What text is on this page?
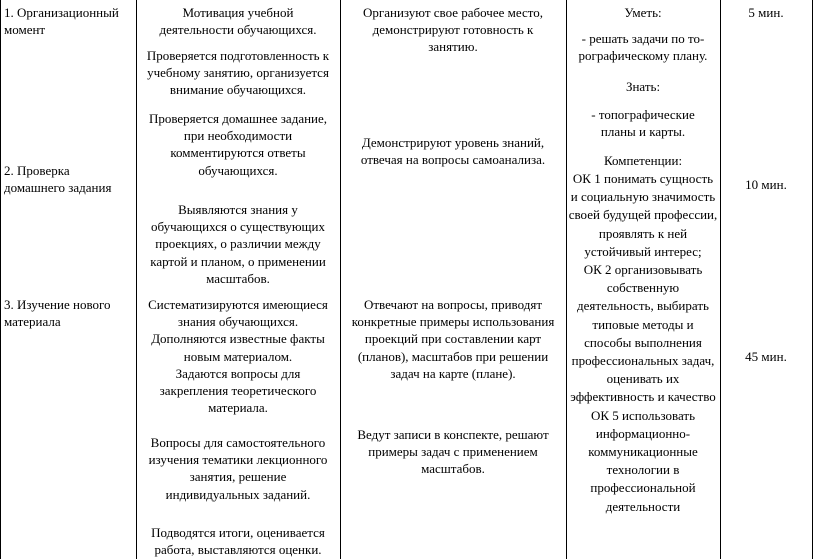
1. Организационный
момент
2. Проверка
домашнего задания
3. Изучение нового
материала
Мотивация учебной
деятельности обучающихся.
Проверяется подготовленность к
учебному занятию, организуется
внимание обучающихся.
Проверяется домашнее задание,
при необходимости
комментируются ответы
обучающихся.
Выявляются знания у
обучающихся о существующих
проекциях, о различии между
картой и планом, о применении
масштабов.
Систематизируются имеющиеся
знания обучающихся.
Дополняются известные факты
новым материалом.
Задаются вопросы для
закрепления теоретического
материала.
Вопросы для самостоятельного
изучения тематики лекционного
занятия, решение
индивидуальных заданий.
Подводятся итоги, оценивается
работа, выставляются оценки.
Организуют свое рабочее место,
демонстрируют готовность к
занятию.
Демонстрируют уровень знаний,
отвечая на вопросы самоанализа.
Отвечают на вопросы, приводят
конкретные примеры использования
проекций при составлении карт
(планов), масштабов при решении
задач на карте (плане).
Ведут записи в конспекте, решают
примеры задач с применением
масштабов.
Уметь:
- решать задачи по то-
pографическому плану.
Знать:
- топографические
планы и карты.
Компетенции:
ОК 1 понимать сущность
и социальную значимость
своей будущей профессии,
проявлять к ней
устойчивый интерес;
ОК 2 организовывать
собственную
деятельность, выбирать
типовые методы и
способы выполнения
профессиональных задач,
оценивать их
эффективность и качество
ОК 5 использовать
информационно-
коммуникационные
технологии в
профессиональной
деятельности
5 мин.
10 мин.
45 мин.
